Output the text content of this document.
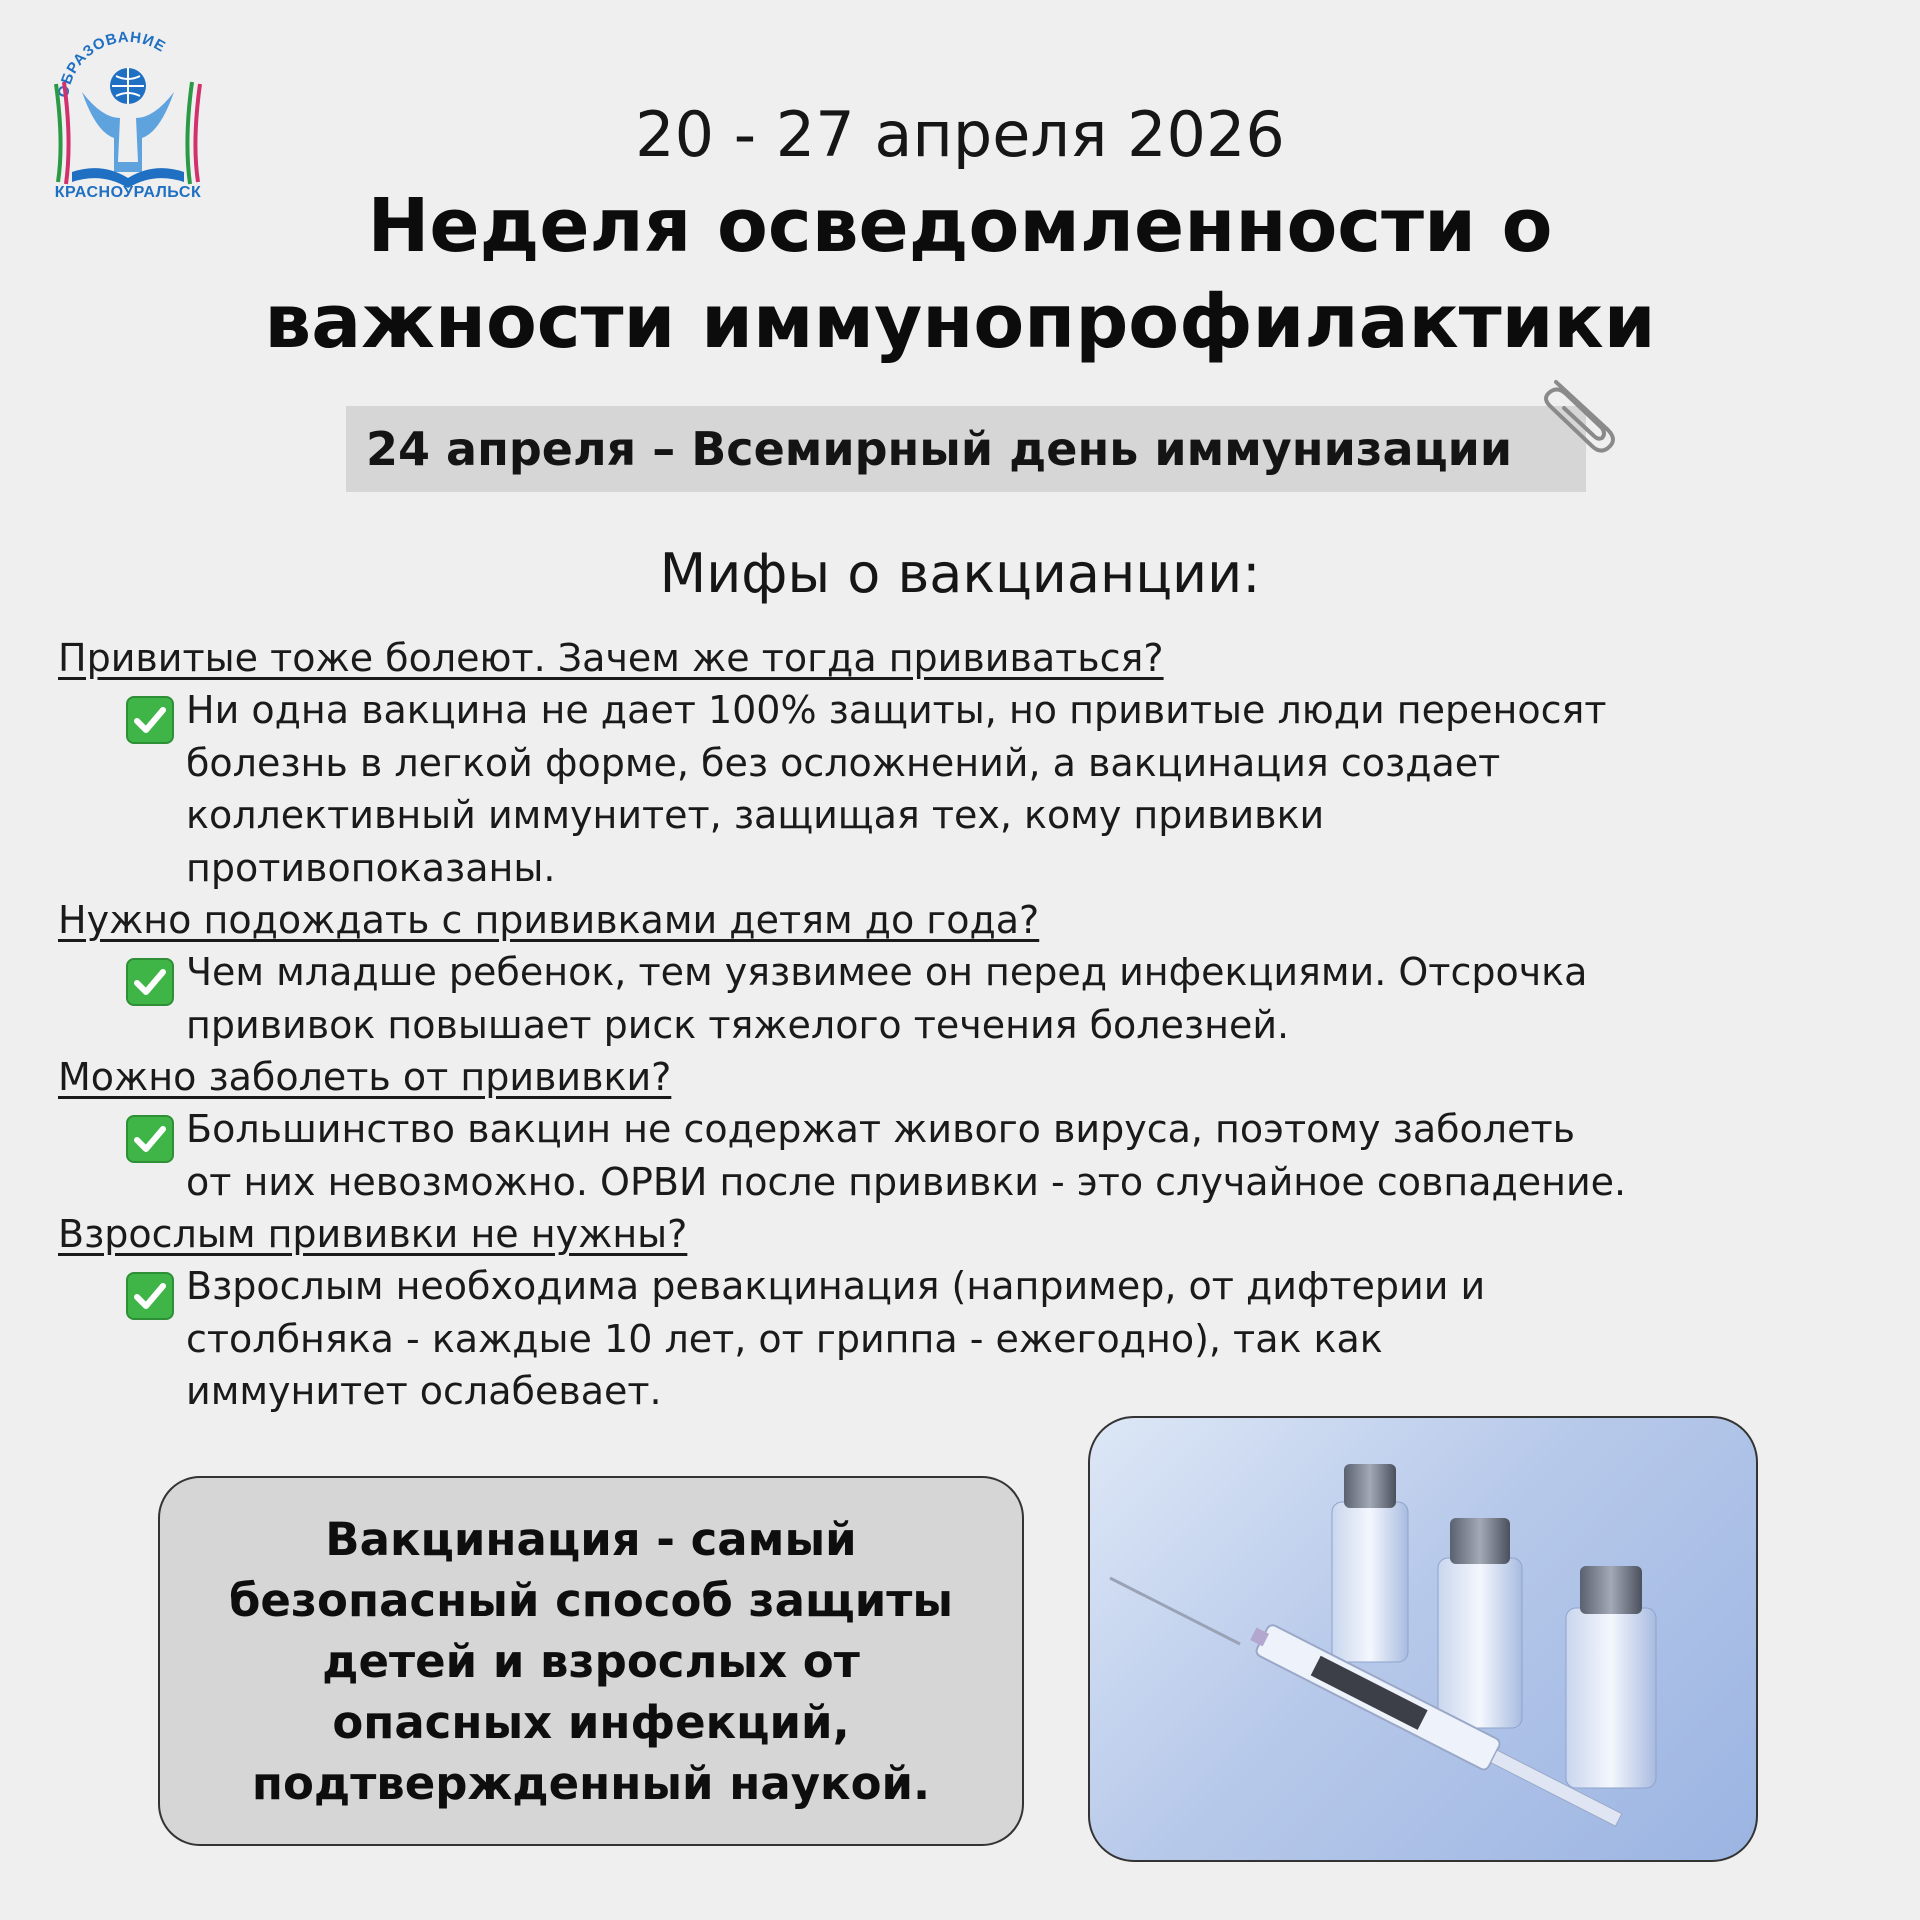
ОБРАЗОВАНИЕ
КРАСНОУРАЛЬСК
20 - 27 апреля 2026
Неделя осведомленности о
важности иммунопрофилактики
24 апреля – Всемирный день иммунизации
Мифы о вакцианции:
Привитые тоже болеют. Зачем же тогда прививаться?
Ни одна вакцина не дает 100% защиты, но привитые люди переносят
болезнь в легкой форме, без осложнений, а вакцинация создает
коллективный иммунитет, защищая тех, кому прививки
противопоказаны.
Нужно подождать с прививками детям до года?
Чем младше ребенок, тем уязвимее он перед инфекциями. Отсрочка
прививок повышает риск тяжелого течения болезней.
Можно заболеть от прививки?
Большинство вакцин не содержат живого вируса, поэтому заболеть
от них невозможно. ОРВИ после прививки - это случайное совпадение.
Взрослым прививки не нужны?
Взрослым необходима ревакцинация (например, от дифтерии и
столбняка - каждые 10 лет, от гриппа - ежегодно), так как
иммунитет ослабевает.
Вакцинация - самый
безопасный способ защиты
детей и взрослых от
опасных инфекций,
подтвержденный наукой.
